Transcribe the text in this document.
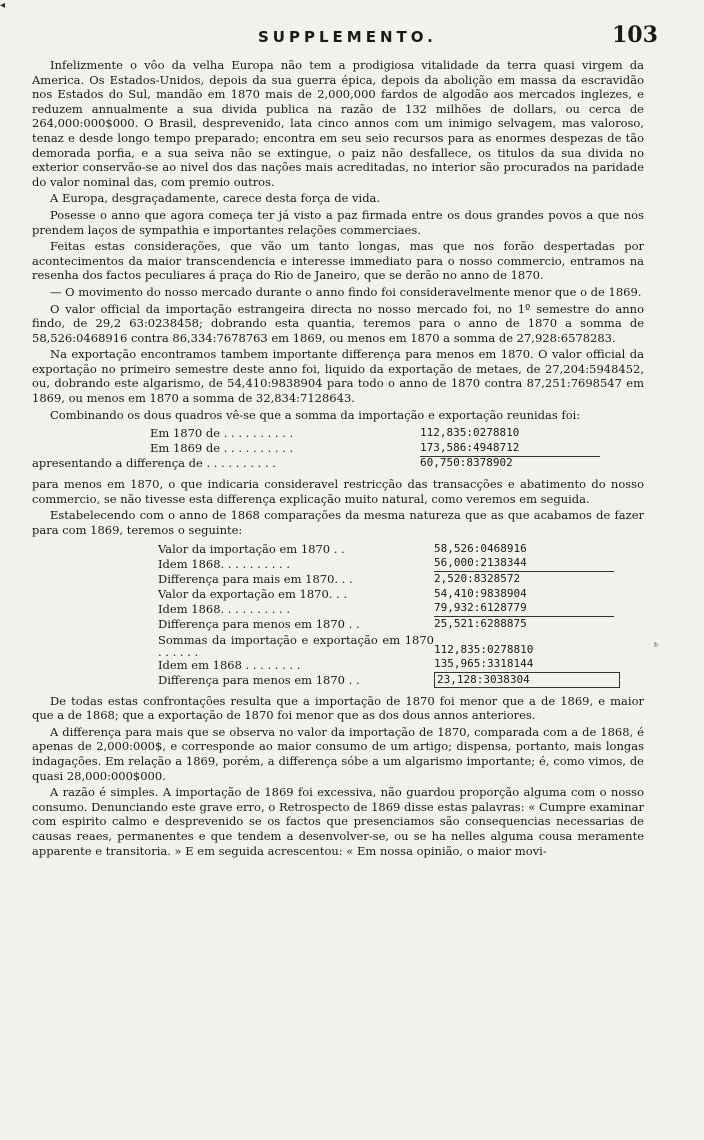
◂
SUPPLEMENTO.	103

Infelizmente o vôo da velha Europa não tem a prodigiosa vitalidade da terra quasi virgem da America. Os Estados-Unidos, depois da sua guerra épica, depois da abolição em massa da escravidão nos Estados do Sul, mandão em 1870 mais de 2,000,000 fardos de algodão aos mercados inglezes, e reduzem annualmente a sua divida publica na razão de 132 milhões de dollars, ou cerca de 264,000:000$000. O Brasil, desprevenido, lata cinco annos com um inimigo selvagem, mas valoroso, tenaz e desde longo tempo preparado; encontra em seu seio recursos para as enormes despezas de tão demorada porfia, e a sua seiva não se extingue, o paiz não desfallece, os titulos da sua divida no exterior conservão-se ao nivel dos das nações mais acreditadas, no interior são procurados na paridade do valor nominal das, com premio outros.

A Europa, desgraçadamente, carece desta força de vida.

Posesse o anno que agora começa ter já visto a paz firmada entre os dous grandes povos a que nos prendem laços de sympathia e importantes relações commerciaes.

Feitas estas considerações, que vão um tanto longas, mas que nos forão despertadas por acontecimentos da maior transcendencia e interesse immediato para o nosso commercio, entramos na resenha dos factos peculiares á praça do Rio de Janeiro, que se derão no anno de 1870.

— O movimento do nosso mercado durante o anno findo foi consideravelmente menor que o de 1869.

O valor official da importação estrangeira directa no nosso mercado foi, no 1º semestre do anno findo, de 29,2 63:0238458; dobrando esta quantia, teremos para o anno de 1870 a somma de 58,526:0468916 contra 86,334:7678763 em 1869, ou menos em 1870 a somma de 27,928:6578283.

Na exportação encontramos tambem importante differença para menos em 1870. O valor official da exportação no primeiro semestre deste anno foi, liquido da exportação de metaes, de 27,204:5948452, ou, dobrando este algarismo, de 54,410:9838904 para todo o anno de 1870 contra 87,251:7698547 em 1869, ou menos em 1870 a somma de 32,834:7128643.

Combinando os dous quadros vê-se que a somma da importação e exportação reunidas foi:

Em 1870 de . . . . . . . . . .	112,835:0278810
Em 1869 de . . . . . . . . . .	173,586:4948712
apresentando a differença de . . . . . . . . . .	60,750:8378902

para menos em 1870, o que indicaria consideravel restricção das transacções e abatimento do nosso commercio, se não tivesse esta differença explicação muito natural, como veremos em seguida.

Estabelecendo com o anno de 1868 comparações da mesma natureza que as que acabamos de fazer para com 1869, teremos o seguinte:

Valor da importação em 1870 . .	58,526:0468916
Idem 1868. . . . . . . . . .	56,000:2138344
Differença para mais em 1870. . .	2,520:8328572
Valor da exportação em 1870. . .	54,410:9838904
Idem 1868. . . . . . . . . .	79,932:6128779
Differença para menos em 1870 . .	25,521:6288875
Sommas da importação e exportação em 1870 . . . . . .	112,835:0278810
Idem em 1868 . . . . . . . .	135,965:3318144
Differença para menos em 1870 . .	23,128:3038304

De todas estas confrontações resulta que a importação de 1870 foi menor que a de 1869, e maior que a de 1868; que a exportação de 1870 foi menor que as dos dous annos anteriores.

A differença para mais que se observa no valor da importação de 1870, comparada com a de 1868, é apenas de 2,000:000$, e corresponde ao maior consumo de um artigo; dispensa, portanto, mais longas indagações. Em relação a 1869, porém, a differença sóbe a um algarismo importante; é, como vimos, de quasi 28,000:000$000.

A razão é simples. A importação de 1869 foi excessiva, não guardou proporção alguma com o nosso consumo. Denunciando este grave erro, o Retrospecto de 1869 disse estas palavras: « Cumpre examinar com espirito calmo e desprevenido se os factos que presenciamos são consequencias necessarias de causas reaes, permanentes e que tendem a desenvolver-se, ou se ha nelles alguma cousa meramente apparente e transitoria. » E em seguida acrescentou: « Em nossa opinião, o maior movi-

ᵇ
